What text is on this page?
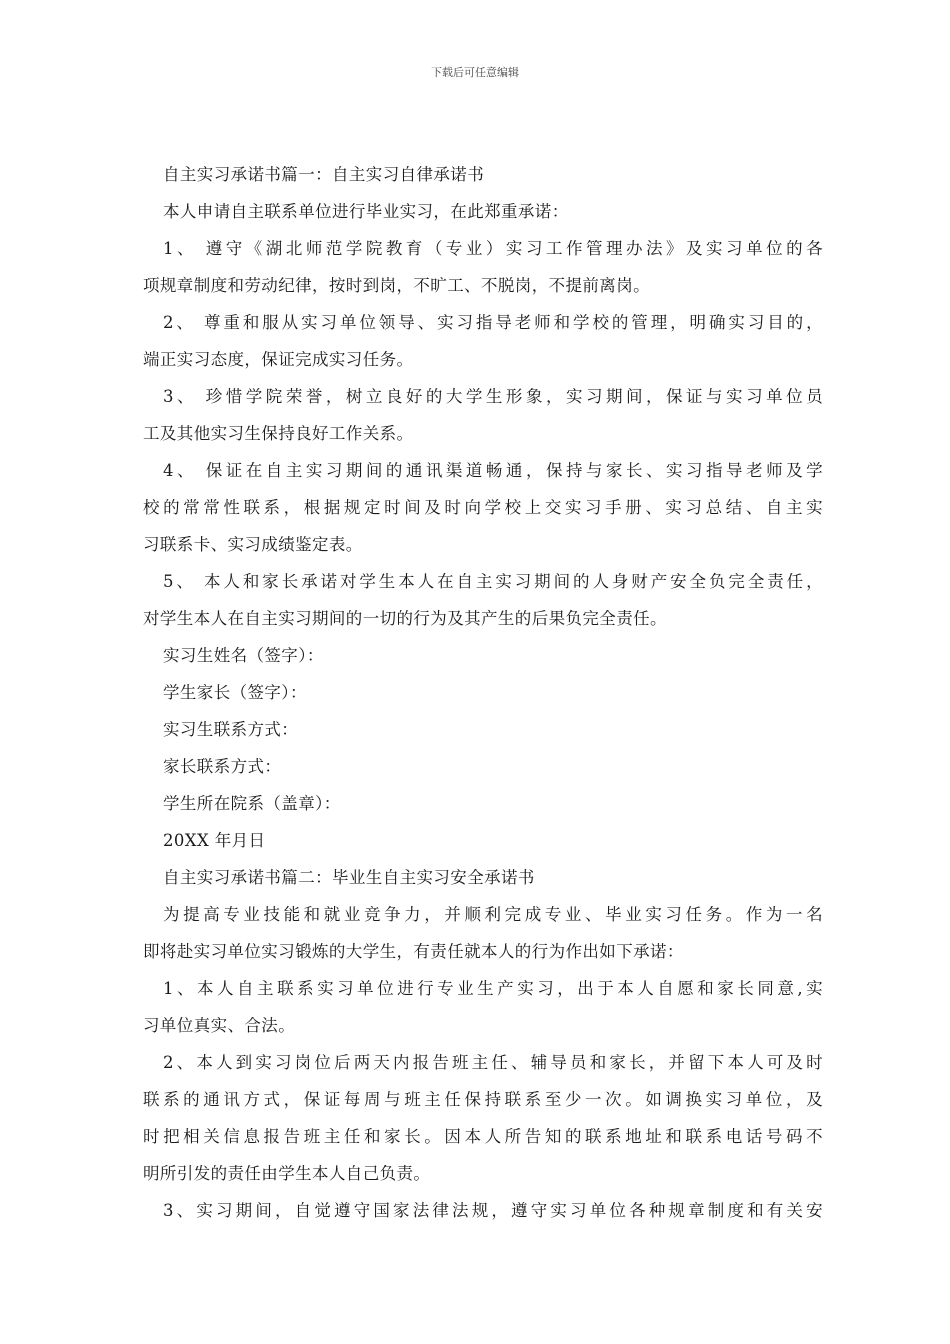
下载后可任意编辑
自主实习承诺书篇一：自主实习自律承诺书
本人申请自主联系单位进行毕业实习，在此郑重承诺：
1、 遵守《湖北师范学院教育（专业）实习工作管理办法》及实习单位的各
项规章制度和劳动纪律，按时到岗，不旷工、不脱岗，不提前离岗。
2、 尊重和服从实习单位领导、实习指导老师和学校的管理，明确实习目的，
端正实习态度，保证完成实习任务。
3、 珍惜学院荣誉，树立良好的大学生形象，实习期间，保证与实习单位员
工及其他实习生保持良好工作关系。
4、 保证在自主实习期间的通讯渠道畅通，保持与家长、实习指导老师及学
校的常常性联系，根据规定时间及时向学校上交实习手册、实习总结、自主实
习联系卡、实习成绩鉴定表。
5、 本人和家长承诺对学生本人在自主实习期间的人身财产安全负完全责任，
对学生本人在自主实习期间的一切的行为及其产生的后果负完全责任。
实习生姓名（签字）：
学生家长（签字）：
实习生联系方式：
家长联系方式：
学生所在院系（盖章）：
20XX 年月日
自主实习承诺书篇二：毕业生自主实习安全承诺书
为提高专业技能和就业竞争力，并顺利完成专业、毕业实习任务。作为一名
即将赴实习单位实习锻炼的大学生，有责任就本人的行为作出如下承诺：
1、本人自主联系实习单位进行专业生产实习，出于本人自愿和家长同意,实
习单位真实、合法。
2、本人到实习岗位后两天内报告班主任、辅导员和家长，并留下本人可及时
联系的通讯方式，保证每周与班主任保持联系至少一次。如调换实习单位，及
时把相关信息报告班主任和家长。因本人所告知的联系地址和联系电话号码不
明所引发的责任由学生本人自己负责。
3、实习期间，自觉遵守国家法律法规，遵守实习单位各种规章制度和有关安
